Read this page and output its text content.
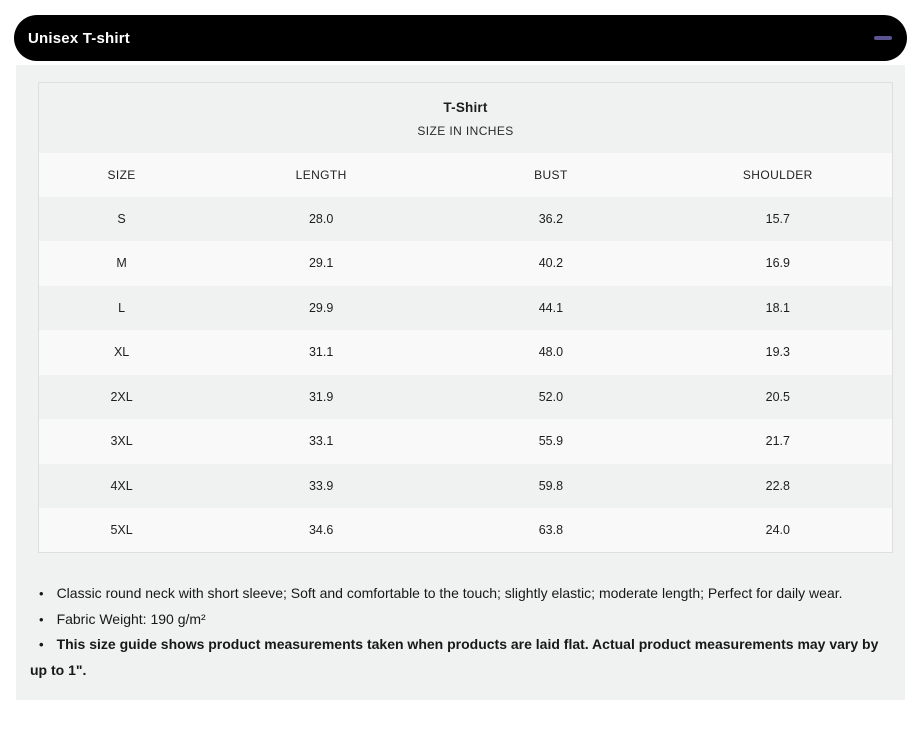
Unisex T-shirt
T-Shirt
SIZE IN INCHES			

SIZE	LENGTH	BUST	SHOULDER
S	28.0	36.2	15.7
M	29.1	40.2	16.9
L	29.9	44.1	18.1
XL	31.1	48.0	19.3
2XL	31.9	52.0	20.5
3XL	33.1	55.9	21.7
4XL	33.9	59.8	22.8
5XL	34.6	63.8	24.0

• Classic round neck with short sleeve; Soft and comfortable to the touch; slightly elastic; moderate length; Perfect for daily wear.

• Fabric Weight: 190 g/m²

• This size guide shows product measurements taken when products are laid flat. Actual product measurements may vary by up to 1".
